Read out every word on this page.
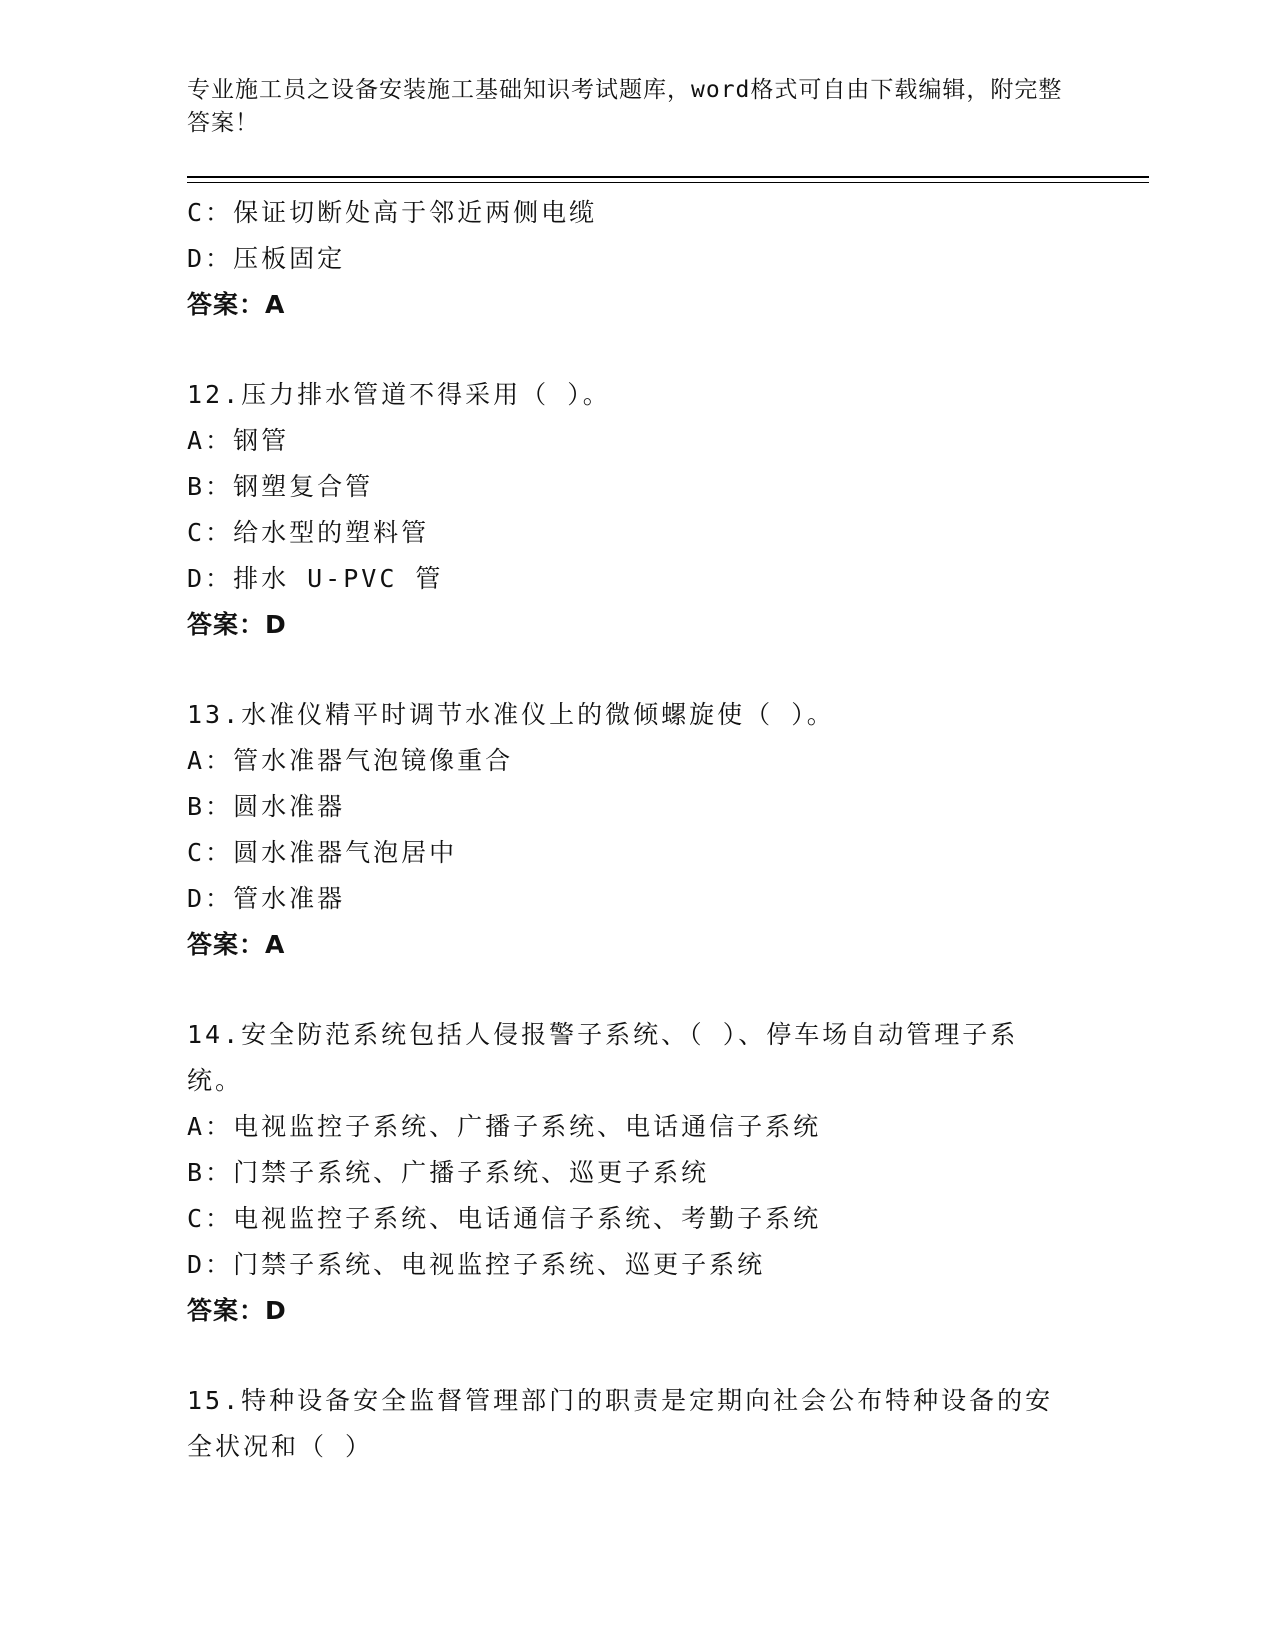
专业施工员之设备安装施工基础知识考试题库，word格式可自由下载编辑，附完整答案！
C：保证切断处高于邻近两侧电缆
D：压板固定
答案：A
12.压力排水管道不得采用（ ）。
A：钢管
B：钢塑复合管
C：给水型的塑料管
D：排水 U-PVC 管
答案：D
13.水准仪精平时调节水准仪上的微倾螺旋使（ ）。
A：管水准器气泡镜像重合
B：圆水准器
C：圆水准器气泡居中
D：管水准器
答案：A
14.安全防范系统包括人侵报警子系统、（ ）、停车场自动管理子系统。
A：电视监控子系统、广播子系统、电话通信子系统
B：门禁子系统、广播子系统、巡更子系统
C：电视监控子系统、电话通信子系统、考勤子系统
D：门禁子系统、电视监控子系统、巡更子系统
答案：D
15.特种设备安全监督管理部门的职责是定期向社会公布特种设备的安全状况和（ ）
